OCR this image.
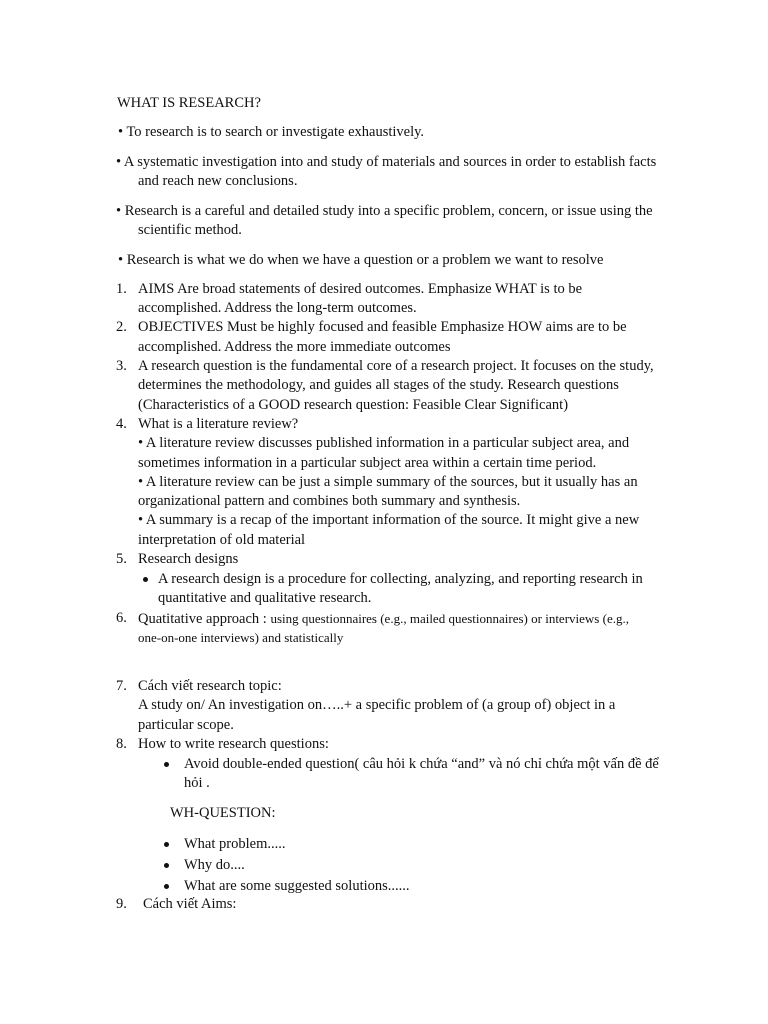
WHAT IS RESEARCH?
• To research is to search or investigate exhaustively.
• A systematic investigation into and study of materials and sources in order to establish facts
and reach new conclusions.
• Research is a careful and detailed study into a specific problem, concern, or issue using the
scientific method.
• Research is what we do when we have a question or a problem we want to resolve
1. AIMS Are broad statements of desired outcomes. Emphasize WHAT is to be
accomplished. Address the long-term outcomes.
2. OBJECTIVES Must be highly focused and feasible Emphasize HOW aims are to be
accomplished. Address the more immediate outcomes
3. A research question is the fundamental core of a research project. It focuses on the study,
determines the methodology, and guides all stages of the study. Research questions
(Characteristics of a GOOD research question: Feasible Clear Significant)
4. What is a literature review?
• A literature review discusses published information in a particular subject area, and
sometimes information in a particular subject area within a certain time period.
• A literature review can be just a simple summary of the sources, but it usually has an
organizational pattern and combines both summary and synthesis.
• A summary is a recap of the important information of the source. It might give a new
interpretation of old material
5. Research designs
A research design is a procedure for collecting, analyzing, and reporting research in
quantitative and qualitative research.
6. Quatitative approach : using questionnaires (e.g., mailed questionnaires) or interviews (e.g.,
one-on-one interviews) and statistically
7. Cách viết research topic:
A study on/ An investigation on…..+ a specific problem of (a group of) object in a
particular scope.
8. How to write research questions:
Avoid double-ended question( câu hỏi k chứa “and” và nó chỉ chứa một vấn đề để
hỏi .
WH-QUESTION:
What problem.....
Why do....
What are some suggested solutions......
9. Cách viết Aims:
